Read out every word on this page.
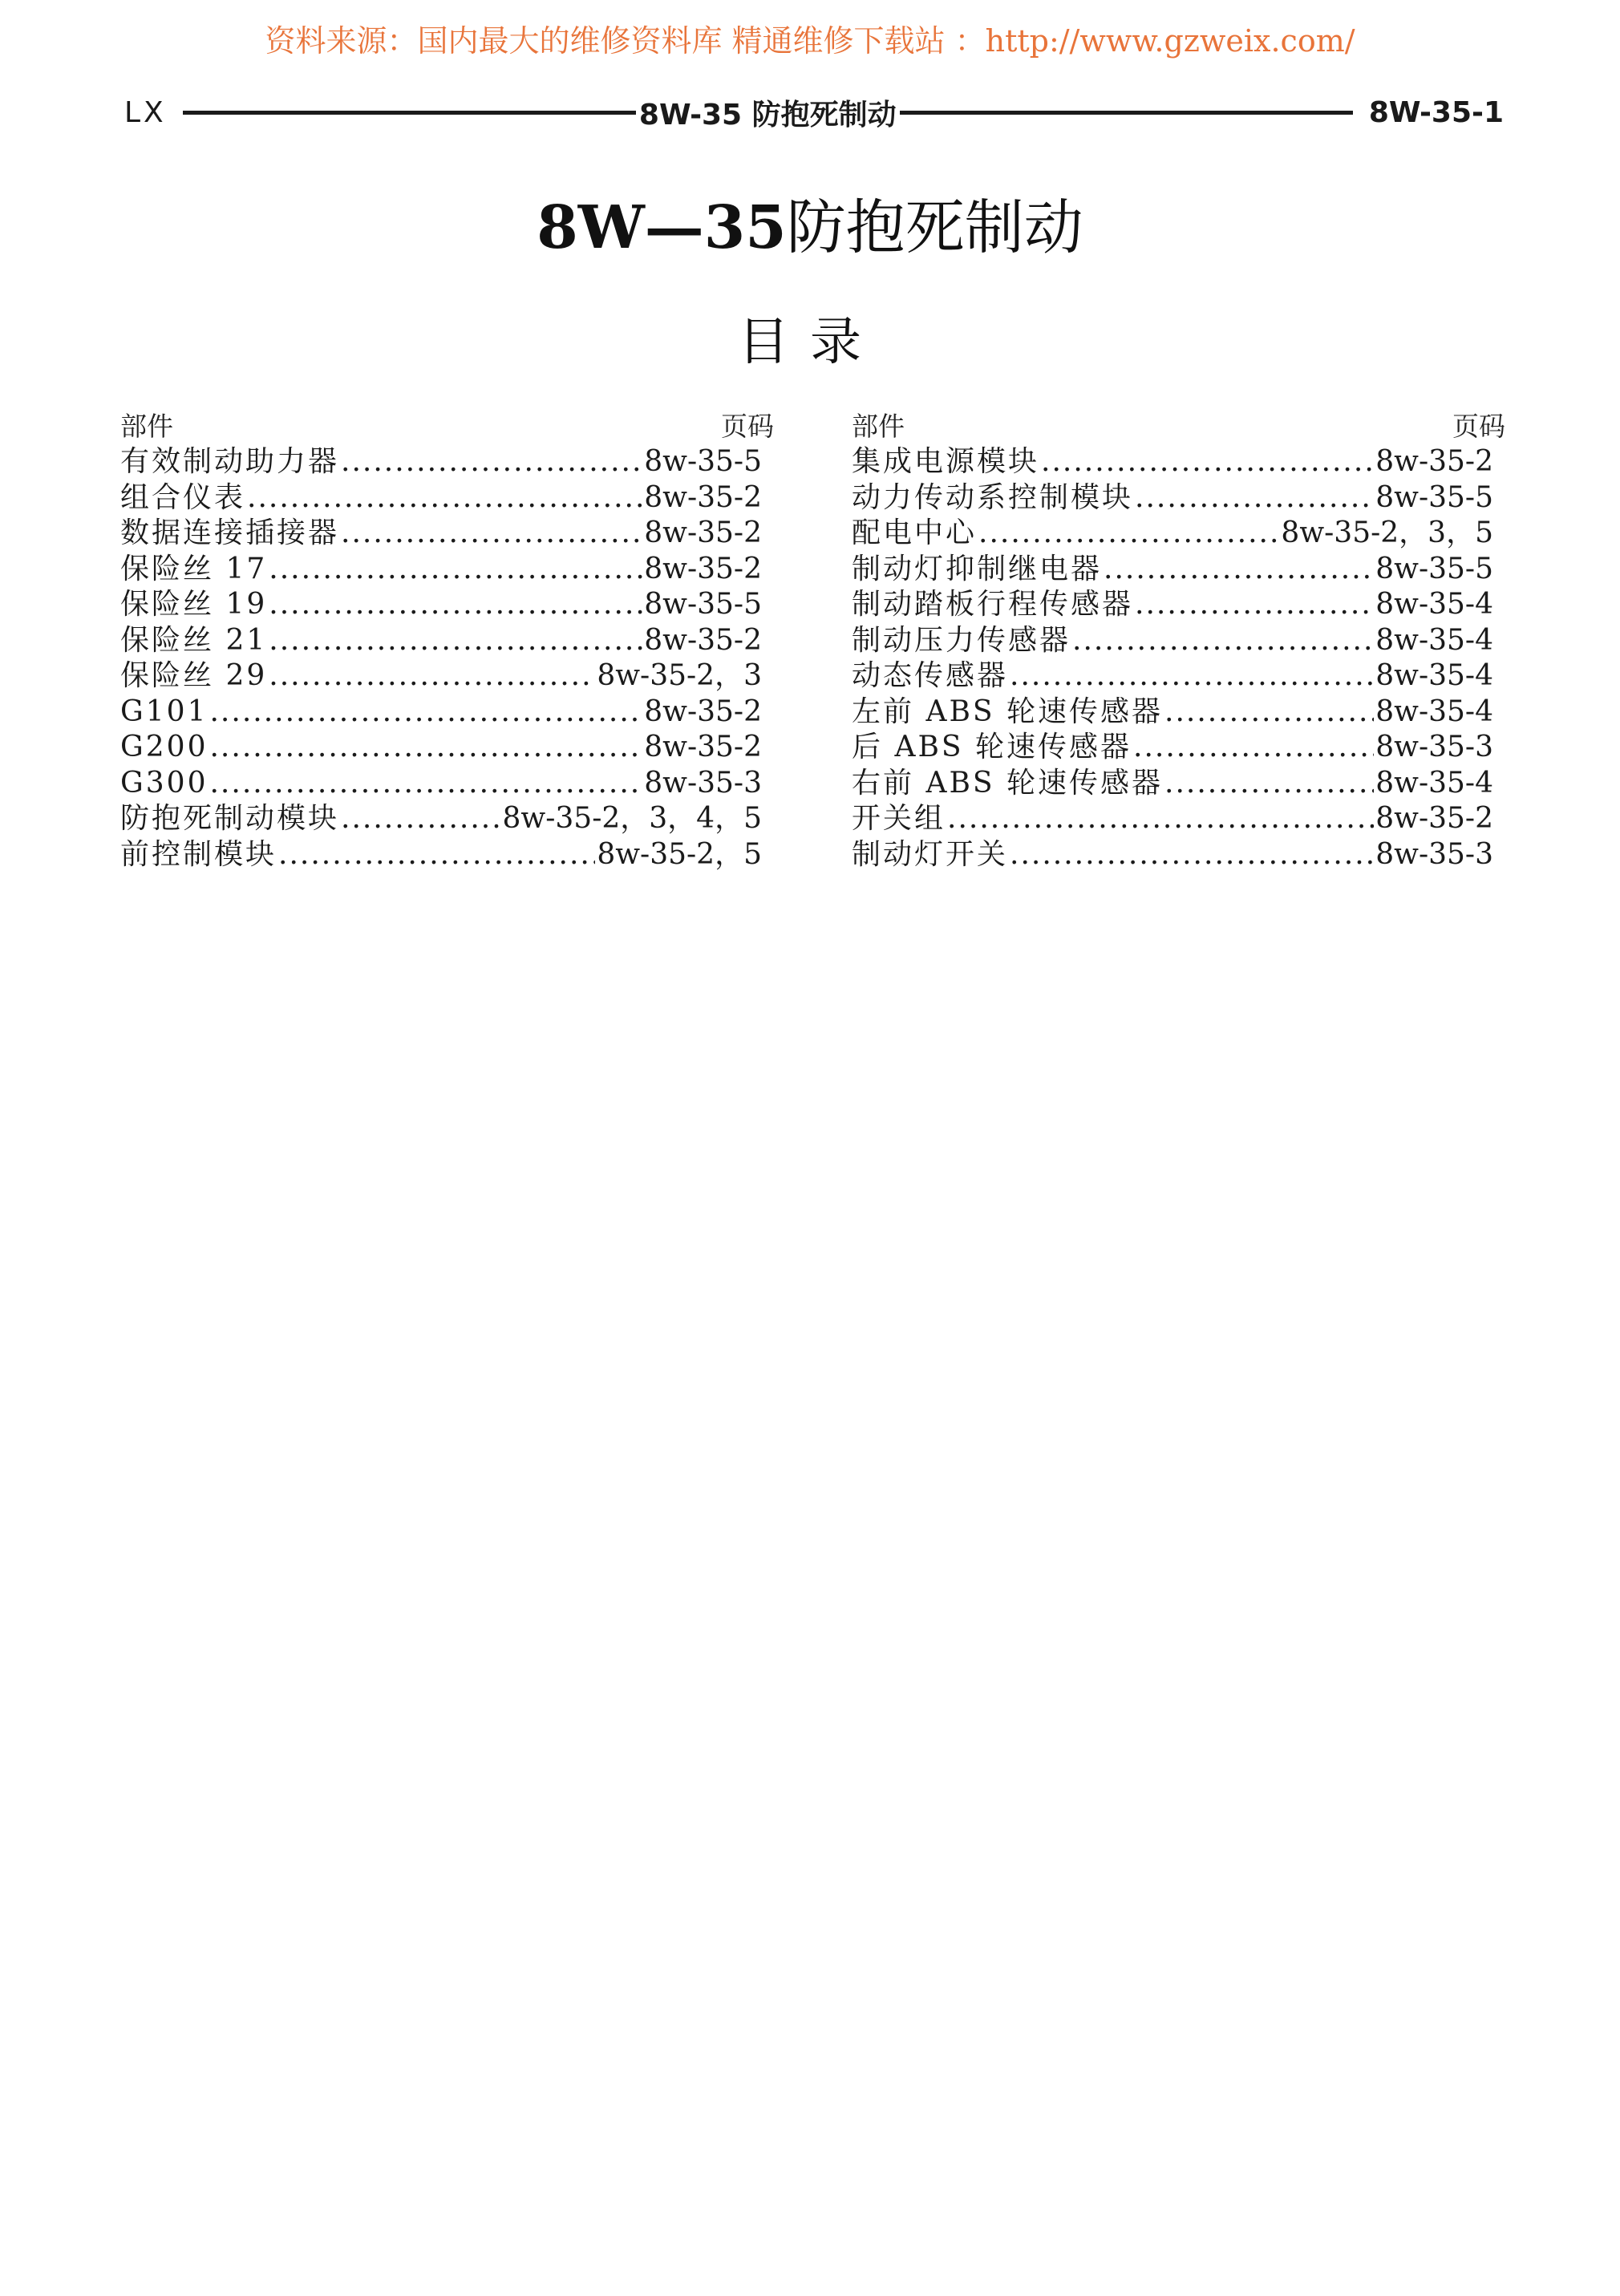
资料来源：国内最大的维修资料库 精通维修下载站 ：http://www.gzweix.com/
LX	8W-35 防抱死制动	8W-35-1
8W—35防抱死制动
目录
部件	页码
有效制动助力器 .....	8w-35-5
组合仪表 .....	8w-35-2
数据连接插接器 .....	8w-35-2
保险丝 17 .....	8w-35-2
保险丝 19 .....	8w-35-5
保险丝 21 .....	8w-35-2
保险丝 29 .....	8w-35-2，3
G101 .....	8w-35-2
G200 .....	8w-35-2
G300 .....	8w-35-3
防抱死制动模块 .....	8w-35-2，3，4，5
前控制模块 .....	8w-35-2，5
部件	页码
集成电源模块 .....	8w-35-2
动力传动系控制模块 .....	8w-35-5
配电中心 .....	8w-35-2，3，5
制动灯抑制继电器 .....	8w-35-5
制动踏板行程传感器 .....	8w-35-4
制动压力传感器 .....	8w-35-4
动态传感器 .....	8w-35-4
左前 ABS 轮速传感器 .....	8w-35-4
后 ABS 轮速传感器 .....	8w-35-3
右前 ABS 轮速传感器 .....	8w-35-4
开关组 .....	8w-35-2
制动灯开关 .....	8w-35-3
